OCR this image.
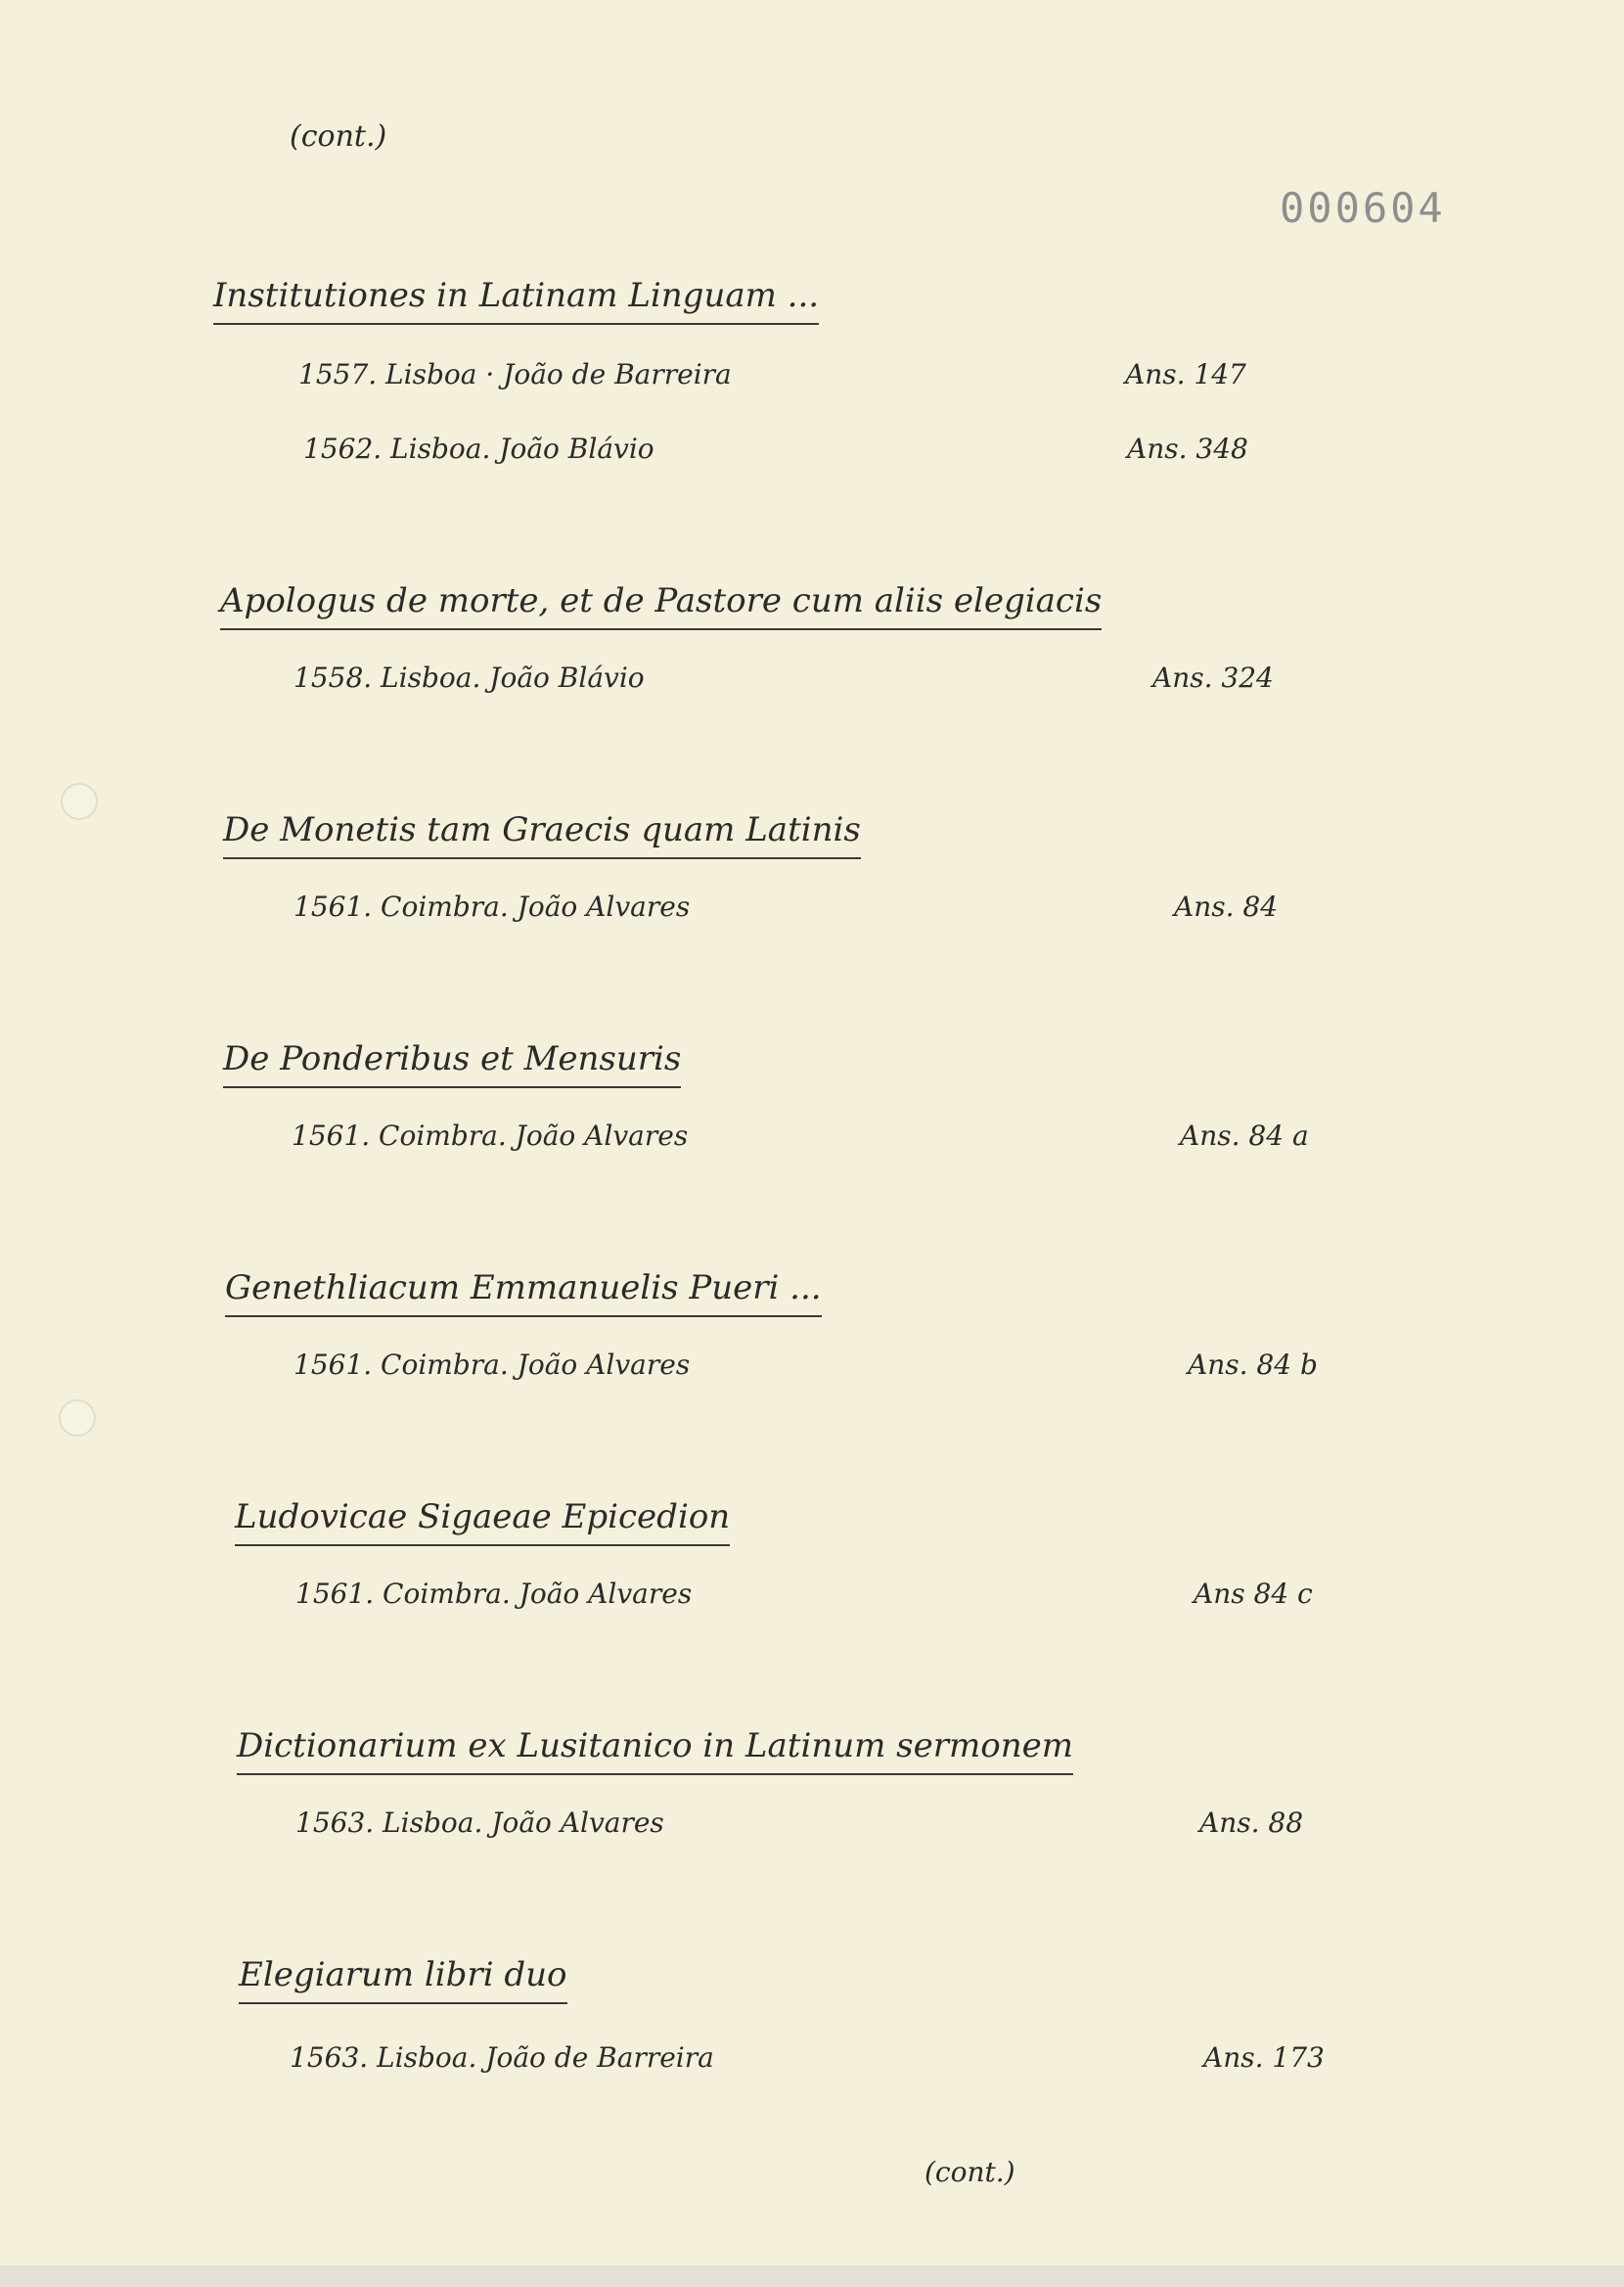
(cont.)
000604
Institutiones in Latinam Linguam ...
1557. Lisboa · João de Barreira	Ans. 147
1562. Lisboa. João Blávio	Ans. 348
Apologus de morte, et de Pastore cum aliis elegiacis
1558. Lisboa. João Blávio	Ans. 324
De Monetis tam Graecis quam Latinis
1561. Coimbra. João Alvares	Ans. 84
De Ponderibus et Mensuris
1561. Coimbra. João Alvares	Ans. 84 a
Genethliacum Emmanuelis Pueri ...
1561. Coimbra. João Alvares	Ans. 84 b
Ludovicae Sigaeae Epicedion
1561. Coimbra. João Alvares	Ans 84 c
Dictionarium ex Lusitanico in Latinum sermonem
1563. Lisboa. João Alvares	Ans. 88
Elegiarum libri duo
1563. Lisboa. João de Barreira	Ans. 173
(cont.)
